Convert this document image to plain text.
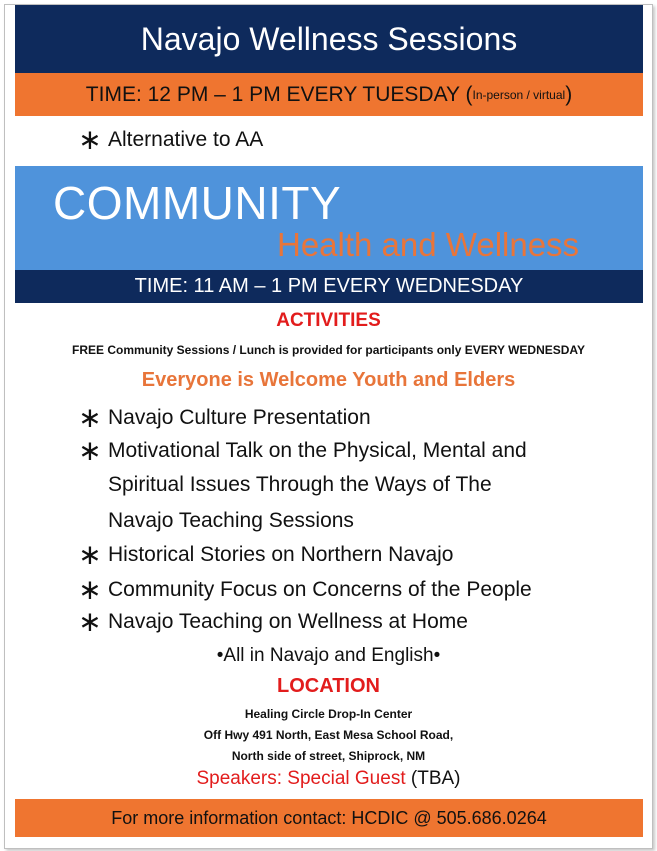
Navajo Wellness Sessions
TIME: 12 PM – 1 PM EVERY TUESDAY ( In-person / virtual )
∗ Alternative to AA
COMMUNITY
Health and Wellness
TIME: 11 AM – 1 PM EVERY WEDNESDAY
ACTIVITIES
FREE Community Sessions / Lunch is provided for participants only EVERY WEDNESDAY
Everyone is Welcome Youth and Elders
∗ Navajo Culture Presentation
∗ Motivational Talk on the Physical, Mental and
Spiritual Issues Through the Ways of The
Navajo Teaching Sessions
∗ Historical Stories on Northern Navajo
∗ Community Focus on Concerns of the People
∗ Navajo Teaching on Wellness at Home
•All in Navajo and English•
LOCATION
Healing Circle Drop-In Center
Off Hwy 491 North, East Mesa School Road,
North side of street, Shiprock, NM
Speakers: Special Guest (TBA)
For more information contact: HCDIC @ 505.686.0264
